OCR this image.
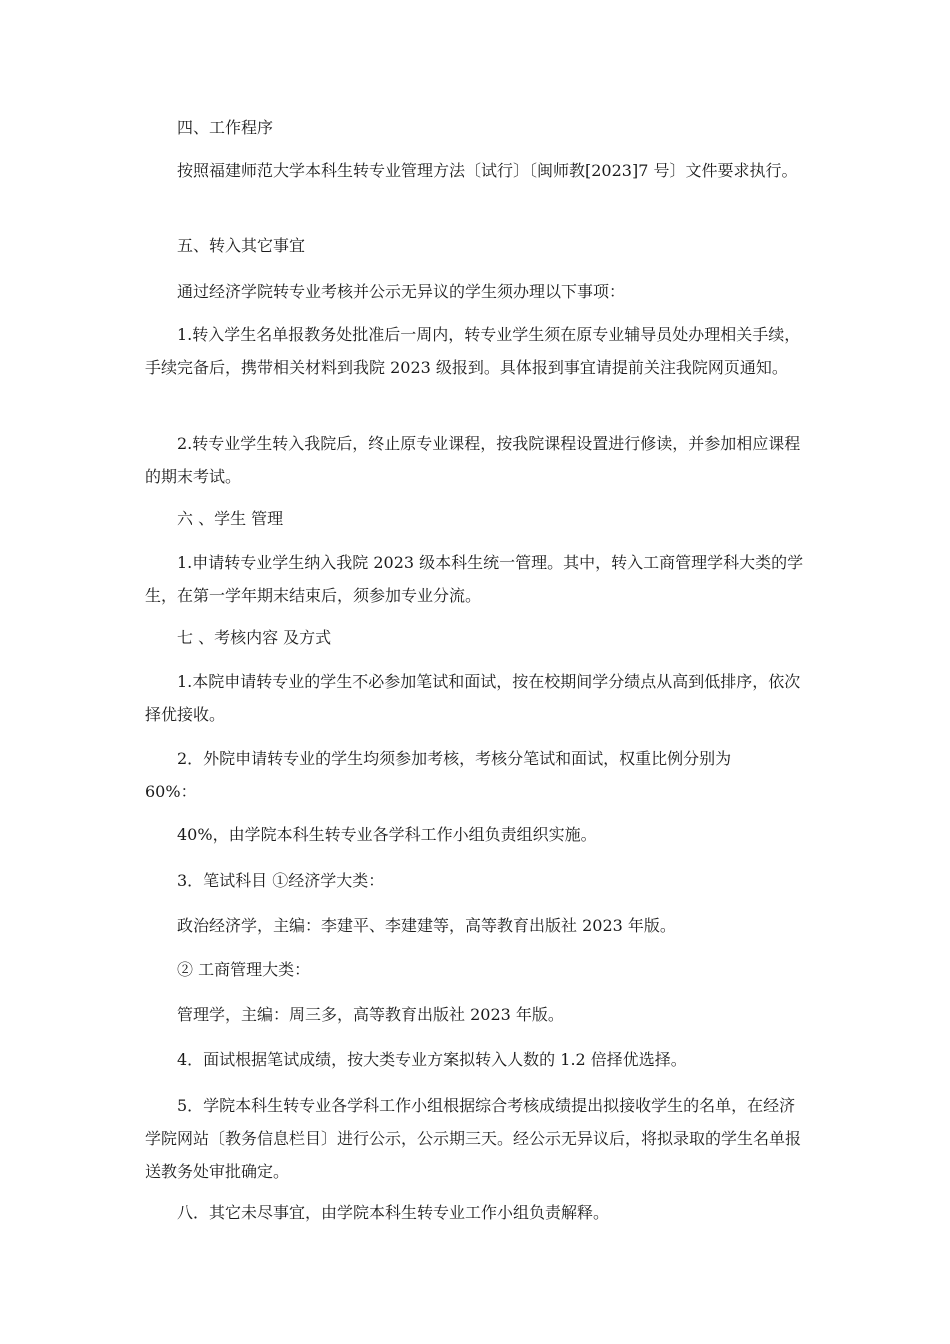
四、工作程序

按照福建师范大学本科生转专业管理方法〔试行〕〔闽师教[2023]7 号〕文件要求执行。

五、转入其它事宜

通过经济学院转专业考核并公示无异议的学生须办理以下事项：

1.转入学生名单报教务处批准后一周内，转专业学生须在原专业辅导员处办理相关手续，手续完备后，携带相关材料到我院 2023 级报到。具体报到事宜请提前关注我院网页通知。

2.转专业学生转入我院后，终止原专业课程，按我院课程设置进行修读，并参加相应课程的期末考试。

六 、学生 管理

1.申请转专业学生纳入我院 2023 级本科生统一管理。其中，转入工商管理学科大类的学生，在第一学年期末结束后，须参加专业分流。

七 、考核内容 及方式

1.本院申请转专业的学生不必参加笔试和面试，按在校期间学分绩点从高到低排序，依次择优接收。

2．外院申请转专业的学生均须参加考核，考核分笔试和面试，权重比例分别为

60%：

40%，由学院本科生转专业各学科工作小组负责组织实施。

3．笔试科目 ①经济学大类：

政治经济学，主编：李建平、李建建等，高等教育出版社 2023 年版。

② 工商管理大类：

管理学，主编：周三多，高等教育出版社 2023 年版。

4．面试根据笔试成绩，按大类专业方案拟转入人数的 1.2 倍择优选择。

5．学院本科生转专业各学科工作小组根据综合考核成绩提出拟接收学生的名单，在经济学院网站〔教务信息栏目〕进行公示，公示期三天。经公示无异议后，将拟录取的学生名单报送教务处审批确定。

八．其它未尽事宜，由学院本科生转专业工作小组负责解释。
